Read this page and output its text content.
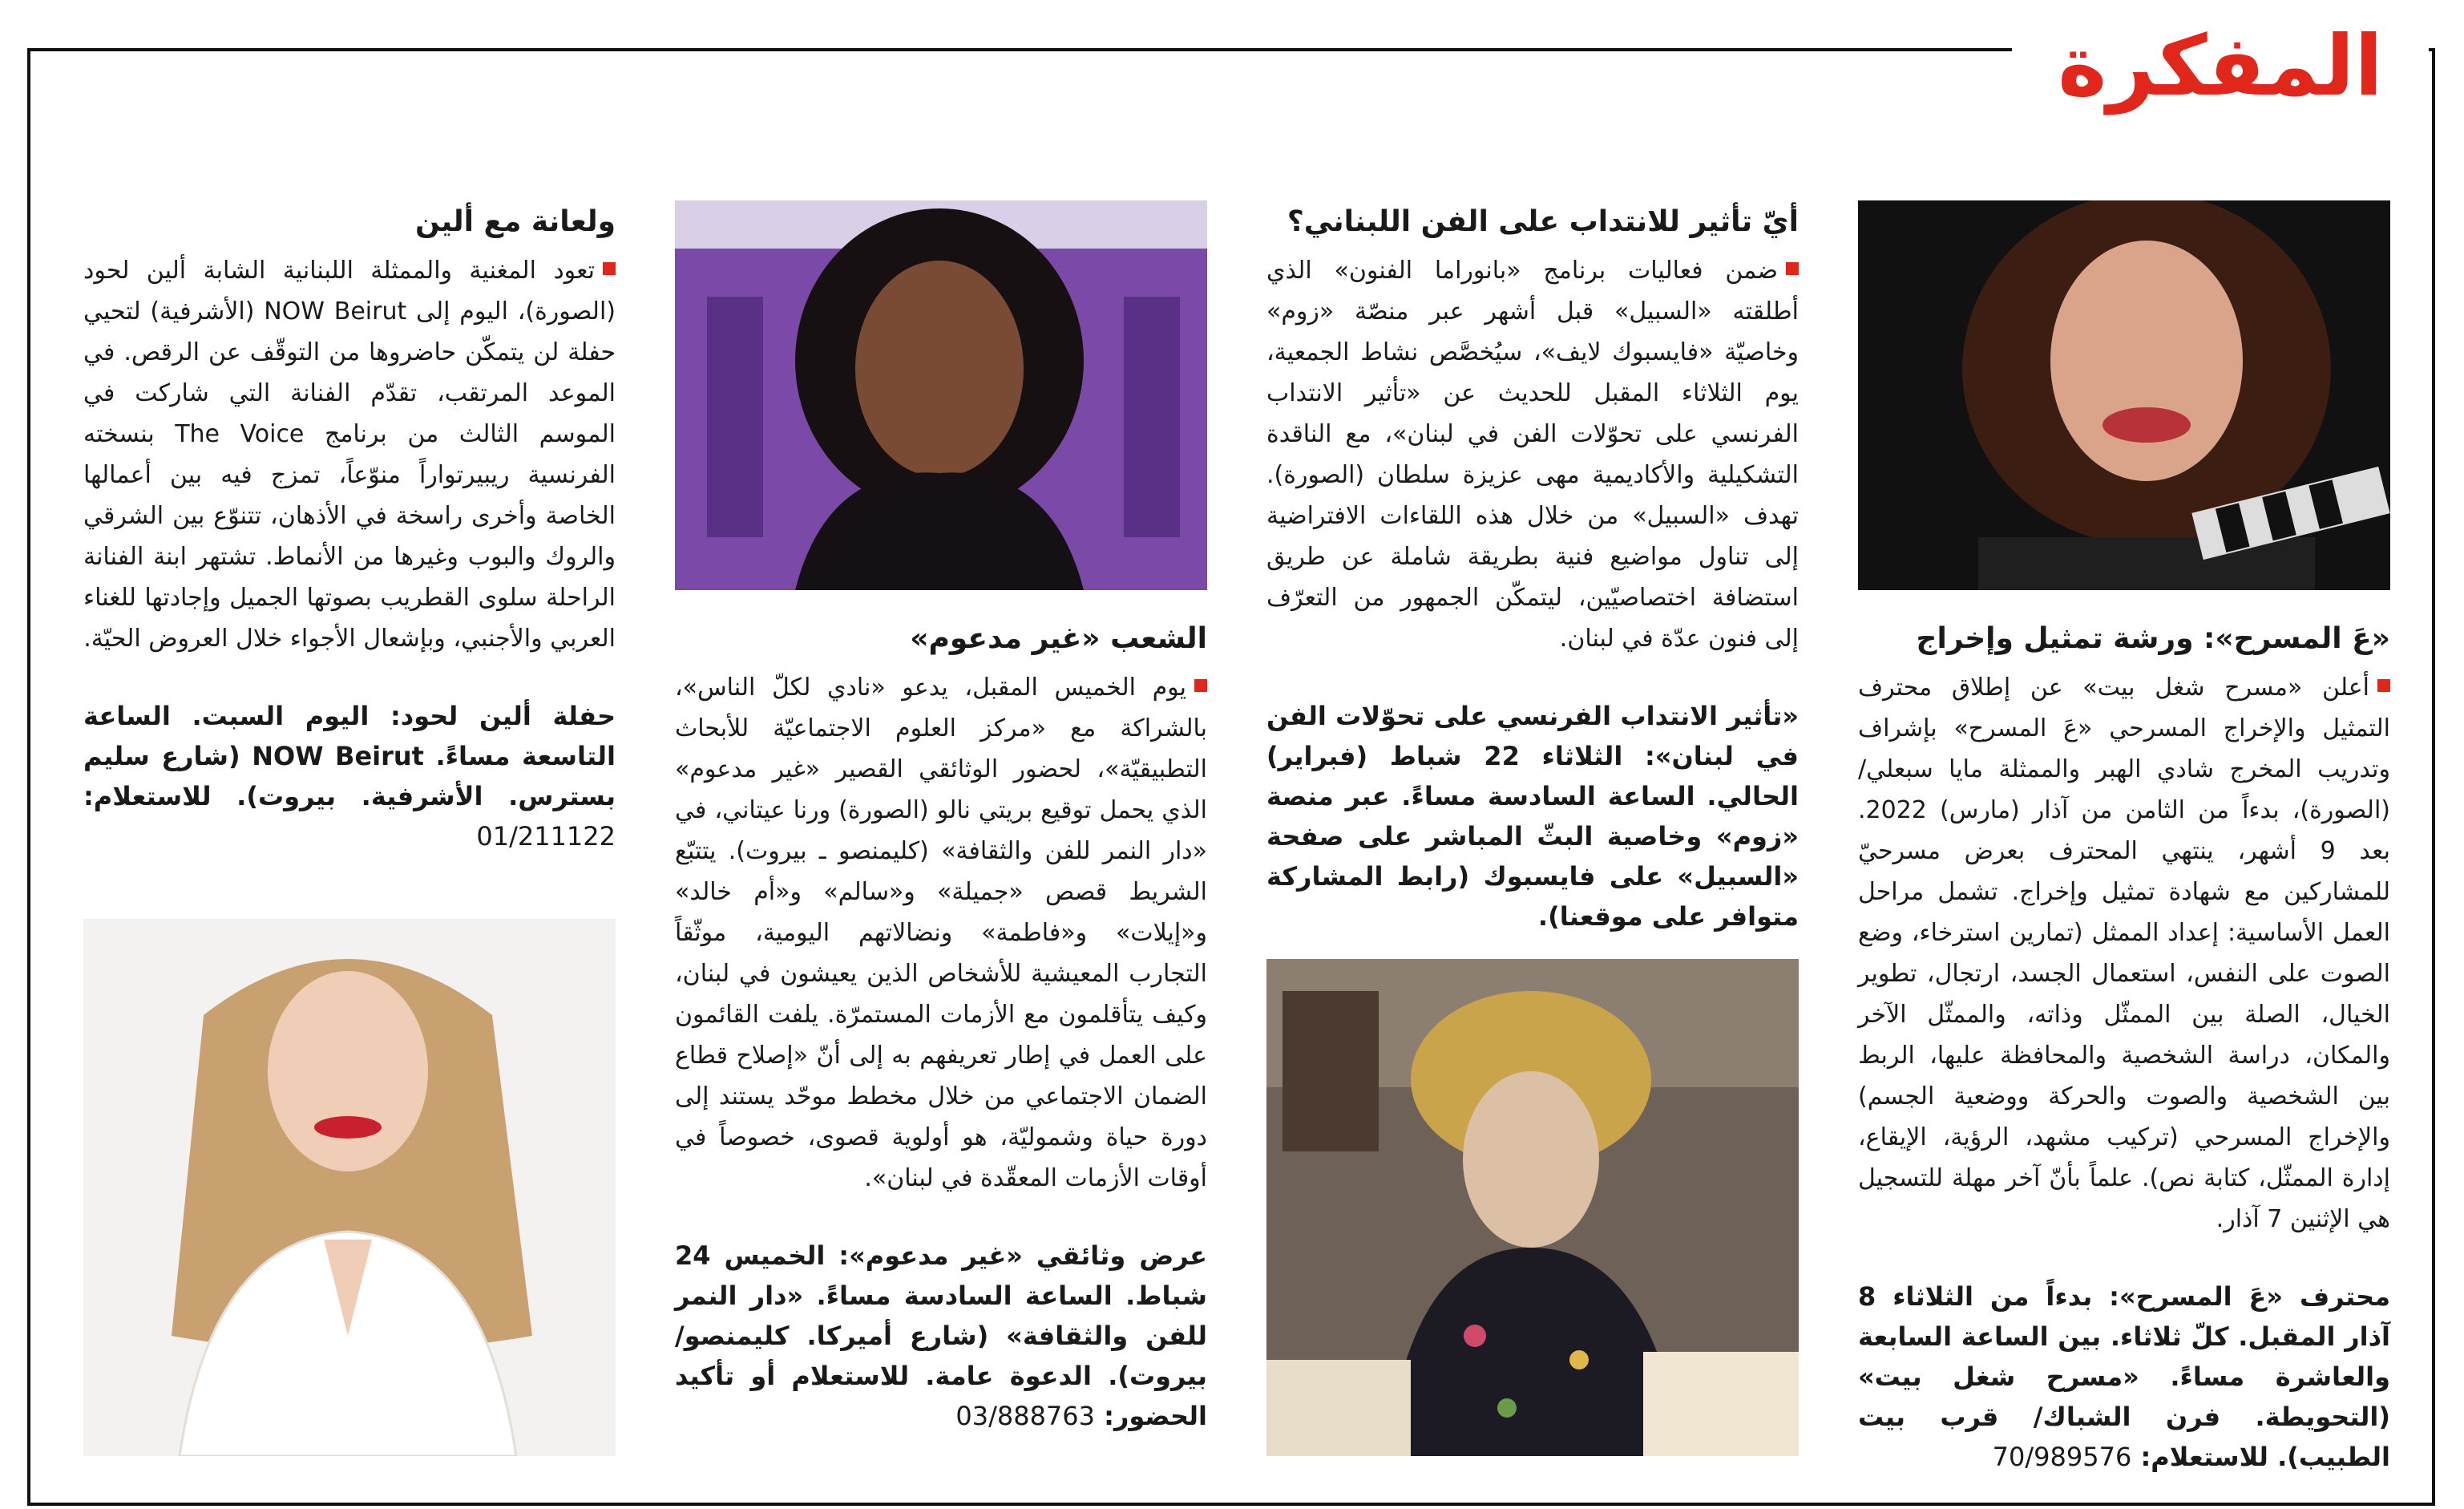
المفكرة
«عَ المسرح»: ورشة تمثيل وإخراج

أعلن «مسرح شغل بيت» عن إطلاق محترف التمثيل والإخراج المسرحي «عَ المسرح» بإشراف وتدريب المخرج شادي الهبر والممثلة مايا سبعلي/ (الصورة)، بدءاً من الثامن من آذار (مارس) 2022. بعد 9 أشهر، ينتهي المحترف بعرض مسرحيّ للمشاركين مع شهادة تمثيل وإخراج. تشمل مراحل العمل الأساسية: إعداد الممثل (تمارين استرخاء، وضع الصوت على النفس، استعمال الجسد، ارتجال، تطوير الخيال، الصلة بين الممثّل وذاته، والممثّل الآخر والمكان، دراسة الشخصية والمحافظة عليها، الربط بين الشخصية والصوت والحركة ووضعية الجسم) والإخراج المسرحي (تركيب مشهد، الرؤية، الإيقاع، إدارة الممثّل، كتابة نص). علماً بأنّ آخر مهلة للتسجيل هي الإثنين 7 آذار.

محترف «عَ المسرح»: بدءاً من الثلاثاء 8 آذار المقبل. كلّ ثلاثاء. بين الساعة السابعة والعاشرة مساءً. «مسرح شغل بيت» (التحويطة. فرن الشباك/ قرب بيت الطبيب). للاستعلام: 70/989576

أيّ تأثير للانتداب على الفن اللبناني؟

ضمن فعاليات برنامج «بانوراما الفنون» الذي أطلقته «السبيل» قبل أشهر عبر منصّة «زوم» وخاصيّة «فايسبوك لايف»، سيُخصَّص نشاط الجمعية، يوم الثلاثاء المقبل للحديث عن «تأثير الانتداب الفرنسي على تحوّلات الفن في لبنان»، مع الناقدة التشكيلية والأكاديمية مهى عزيزة سلطان (الصورة). تهدف «السبيل» من خلال هذه اللقاءات الافتراضية إلى تناول مواضيع فنية بطريقة شاملة عن طريق استضافة اختصاصيّين، ليتمكّن الجمهور من التعرّف إلى فنون عدّة في لبنان.

«تأثير الانتداب الفرنسي على تحوّلات الفن في لبنان»: الثلاثاء 22 شباط (فبراير) الحالي. الساعة السادسة مساءً. عبر منصة «زوم» وخاصية البثّ المباشر على صفحة «السبيل» على فايسبوك (رابط المشاركة متوافر على موقعنا).

الشعب «غير مدعوم»

يوم الخميس المقبل، يدعو «نادي لكلّ الناس»، بالشراكة مع «مركز العلوم الاجتماعيّة للأبحاث التطبيقيّة»، لحضور الوثائقي القصير «غير مدعوم» الذي يحمل توقيع بريتي نالو (الصورة) ورنا عيتاني، في «دار النمر للفن والثقافة» (كليمنصو ـ بيروت). يتتبّع الشريط قصص «جميلة» و«سالم» و«أم خالد» و«إيلات» و«فاطمة» ونضالاتهم اليومية، موثّقاً التجارب المعيشية للأشخاص الذين يعيشون في لبنان، وكيف يتأقلمون مع الأزمات المستمرّة. يلفت القائمون على العمل في إطار تعريفهم به إلى أنّ «إصلاح قطاع الضمان الاجتماعي من خلال مخطط موحّد يستند إلى دورة حياة وشموليّة، هو أولوية قصوى، خصوصاً في أوقات الأزمات المعقّدة في لبنان».

عرض وثائقي «غير مدعوم»: الخميس 24 شباط. الساعة السادسة مساءً. «دار النمر للفن والثقافة» (شارع أميركا. كليمنصو/ بيروت). الدعوة عامة. للاستعلام أو تأكيد الحضور: 03/888763

ولعانة مع ألين

تعود المغنية والممثلة اللبنانية الشابة ألين لحود (الصورة)، اليوم إلى NOW Beirut (الأشرفية) لتحيي حفلة لن يتمكّن حاضروها من التوقّف عن الرقص. في الموعد المرتقب، تقدّم الفنانة التي شاركت في الموسم الثالث من برنامج The Voice بنسخته الفرنسية ريبيرتواراً منوّعاً، تمزج فيه بين أعمالها الخاصة وأخرى راسخة في الأذهان، تتنوّع بين الشرقي والروك والبوب وغيرها من الأنماط. تشتهر ابنة الفنانة الراحلة سلوى القطريب بصوتها الجميل وإجادتها للغناء العربي والأجنبي، وبإشعال الأجواء خلال العروض الحيّة.

حفلة ألين لحود: اليوم السبت. الساعة التاسعة مساءً. NOW Beirut (شارع سليم بسترس. الأشرفية. بيروت). للاستعلام: 01/211122
